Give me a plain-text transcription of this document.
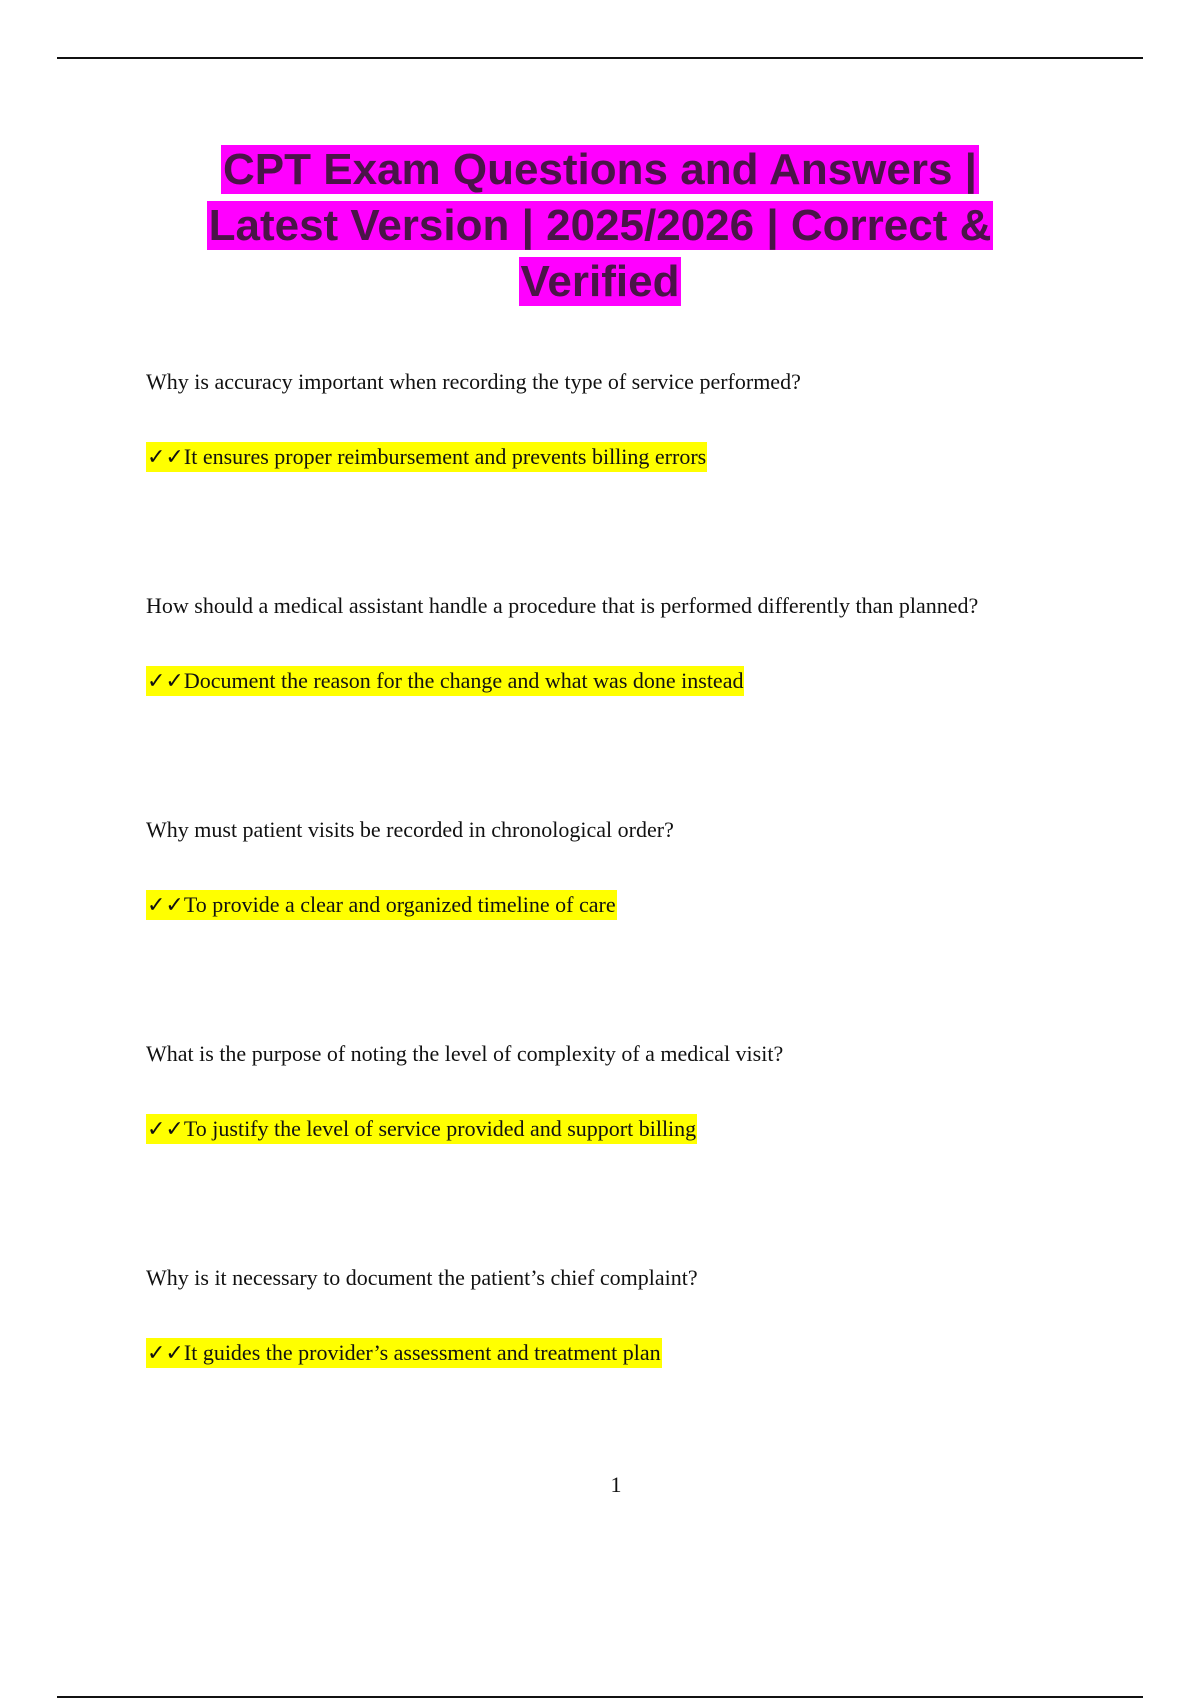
CPT Exam Questions and Answers |
Latest Version | 2025/2026 | Correct &
Verified

Why is accuracy important when recording the type of service performed?

✓✓It ensures proper reimbursement and prevents billing errors

How should a medical assistant handle a procedure that is performed differently than planned?

✓✓Document the reason for the change and what was done instead

Why must patient visits be recorded in chronological order?

✓✓To provide a clear and organized timeline of care

What is the purpose of noting the level of complexity of a medical visit?

✓✓To justify the level of service provided and support billing

Why is it necessary to document the patient’s chief complaint?

✓✓It guides the provider’s assessment and treatment plan

1
